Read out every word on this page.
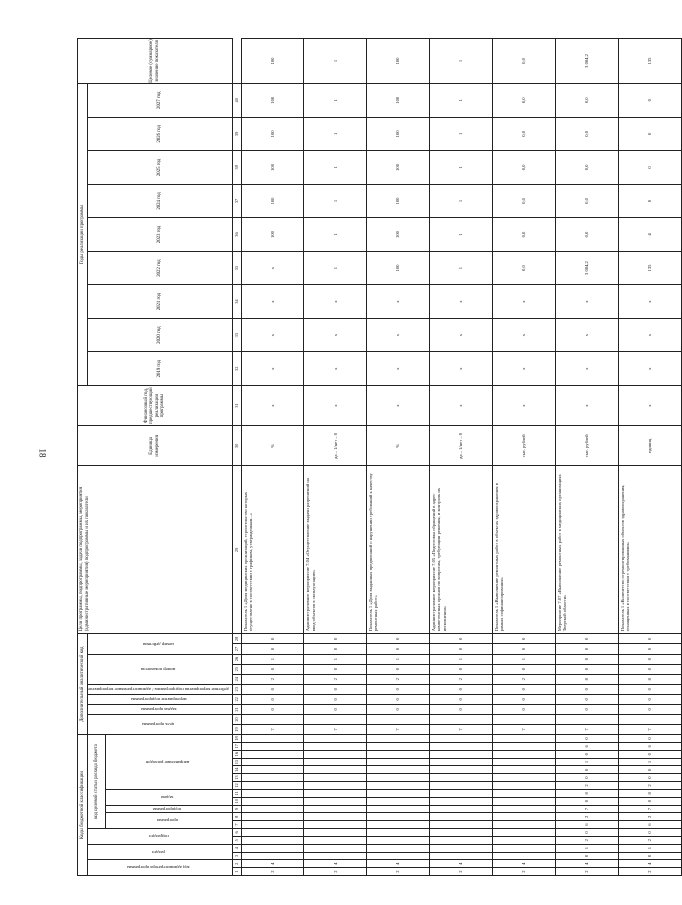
18
Коды бюджетной классификации																		Дополнительный аналитический код										Цели программы, подпрограммы, задачи подпрограммы, мероприятия (административные мероприятия) подпрограммы и их показатели	Единица измерения	Финансовый год, предшествующий реализации программы	Годы реализации программы									Целевое (суммарное) значение показателя
код администратора программы		раздел		подраздел		код целевой статьи расхода бюджета												цель программы		задача программы	мероприятие подпрограммы	действие мероприятия подпрограммы / административное мероприятие	номер показателя			номер действия					2019 год	2020 год	2021 год	2022 год	2023 год	2024 год	2025 год	2026 год	2027 год	
						программа		подпрограмма	задача		направление расходов																													
1	2	3	4	5	6	7	8	9	10	11	12	13	14	15	16	17	18	19	20	21	22	23	24	25	26	27	28	29	30	31	32	33	34	35	36	37	38	39	40	
2	4																	7		0	0	0	2	0	1	0	0	Показатель 1 «Доля медицинских организаций, строительство которых осуществлено в соответствии с графиком, утвержденным...»	%	х	х	х	х	х	100	100	100	100	100	100
2	4																	7		0	0	0	2	0	1	0	0	Административное мероприятие 7.04 «Осуществление выдачи разрешений на ввод объектов в эксплуатацию»	да – 1/нет – 0	х	х	х	х	1	1	1	1	1	1	1
2	4																	7		0	0	0	2	0	1	0	0	Показатель 1 «Доля выданных предписаний о нарушении требований к качеству ремонтных работ»	%	х	х	х	х	100	100	100	100	100	100	100
2	4																	7		0	0	0	2	0	1	0	0	Административное мероприятие 7.05 «Подготовка обращений в адрес компетентных органов по вопросам, требующим решения, и контроль их исполнения»	да – 1/нет – 0	х	х	х	х	1	1	1	1	1	1	1
2	4																	7		0	0	0	2	0	1	0	0	Показатель 1 «Выполнение ремонтных работ в объектах здравоохранения в рамках софинансирования»	тыс. рублей	х	х	х	х	0,0	0,0	0,0	0,0	0,0	0,0	0,0
2	4	0	1	2	0	6	2	7	0	8	2	0	0	1	0	6	0	7		0	0	0	8	0	0	0	0	Мероприятие 7.07 «Выполнение ремонтных работ в медицинских организациях Тверской области»	тыс. рублей	х	х	х	х	3 084,2	0,0	0,0	0,0	0,0	0,0	3 084,2
2	4	0	1	2	0	6	2	7	0	8	2	0	0	1	0	6	0	7		0	0	0	8	0	0	0	0	Показатель 1 «Количество отремонтированных объектов здравоохранения, оснащенных в соответствии с требованиями»	единиц	х	х	х	х	135	4	0	0	0	0	135
